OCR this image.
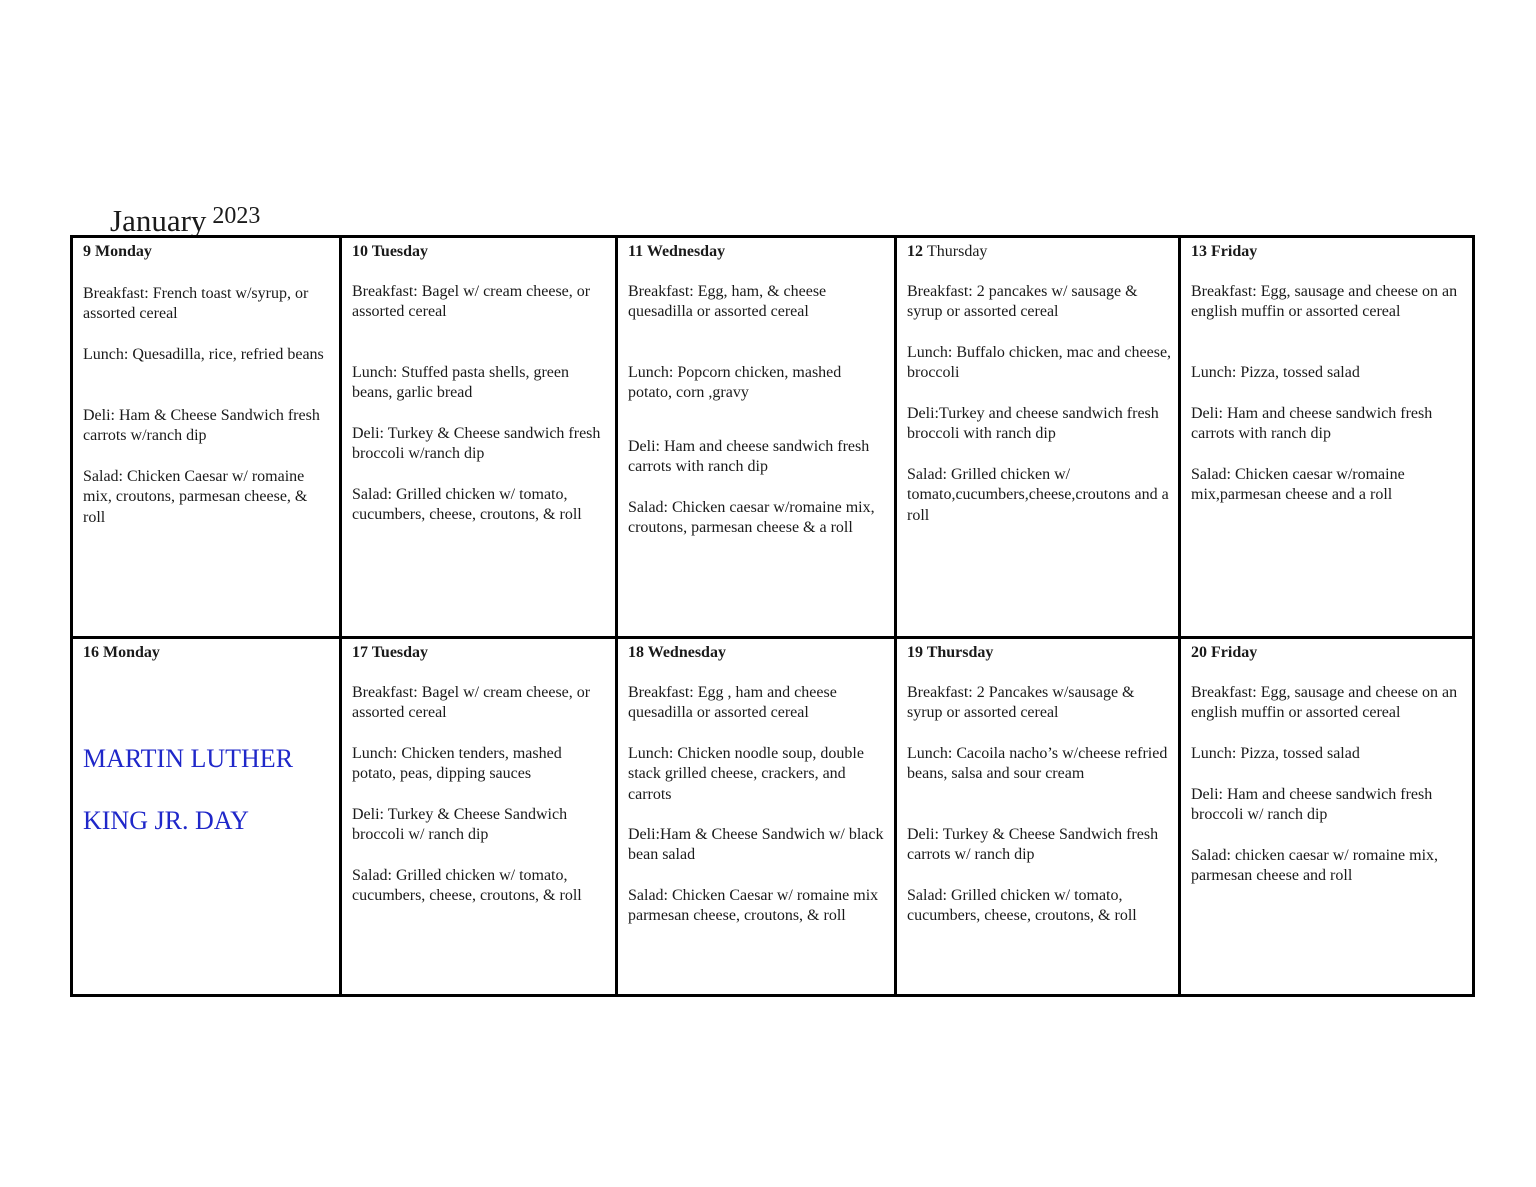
January $^{2023}$
9 Monday
Breakfast: French toast w/syrup, or assorted cereal
Lunch: Quesadilla, rice, refried beans
Deli: Ham & Cheese Sandwich fresh carrots w/ranch dip
Salad: Chicken Caesar w/ romaine mix, croutons, parmesan cheese, & roll
10 Tuesday
Breakfast: Bagel w/ cream cheese, or assorted cereal
Lunch: Stuffed pasta shells, green beans, garlic bread
Deli: Turkey & Cheese sandwich fresh broccoli w/ranch dip
Salad: Grilled chicken w/ tomato, cucumbers, cheese, croutons, & roll
11 Wednesday
Breakfast: Egg, ham, & cheese quesadilla or assorted cereal
Lunch: Popcorn chicken, mashed potato, corn ,gravy
Deli: Ham and cheese sandwich fresh carrots with ranch dip
Salad: Chicken caesar w/romaine mix, croutons, parmesan cheese & a roll
12 Thursday
Breakfast: 2 pancakes w/ sausage & syrup or assorted cereal
Lunch: Buffalo chicken, mac and cheese, broccoli
Deli:Turkey and cheese sandwich fresh broccoli with ranch dip
Salad: Grilled chicken w/ tomato,cucumbers,cheese,croutons and a roll
13 Friday
Breakfast: Egg, sausage and cheese on an english muffin or assorted cereal
Lunch: Pizza, tossed salad
Deli: Ham and cheese sandwich fresh carrots with ranch dip
Salad: Chicken caesar w/romaine mix,parmesan cheese and a roll
16 Monday
MARTIN LUTHER
KING JR. DAY
17 Tuesday
Breakfast: Bagel w/ cream cheese, or assorted cereal
Lunch: Chicken tenders, mashed potato, peas, dipping sauces
Deli: Turkey & Cheese Sandwich broccoli w/ ranch dip
Salad: Grilled chicken w/ tomato, cucumbers, cheese, croutons, & roll
18 Wednesday
Breakfast: Egg , ham and cheese quesadilla or assorted cereal
Lunch: Chicken noodle soup, double stack grilled cheese, crackers, and carrots
Deli:Ham & Cheese Sandwich w/ black bean salad
Salad: Chicken Caesar w/ romaine mix parmesan cheese, croutons, & roll
19 Thursday
Breakfast: 2 Pancakes w/sausage & syrup or assorted cereal
Lunch: Cacoila nacho’s w/cheese refried beans, salsa and sour cream
Deli: Turkey & Cheese Sandwich fresh carrots w/ ranch dip
Salad: Grilled chicken w/ tomato, cucumbers, cheese, croutons, & roll
20 Friday
Breakfast: Egg, sausage and cheese on an english muffin or assorted cereal
Lunch: Pizza, tossed salad
Deli: Ham and cheese sandwich fresh broccoli w/ ranch dip
Salad: chicken caesar w/ romaine mix, parmesan cheese and roll
